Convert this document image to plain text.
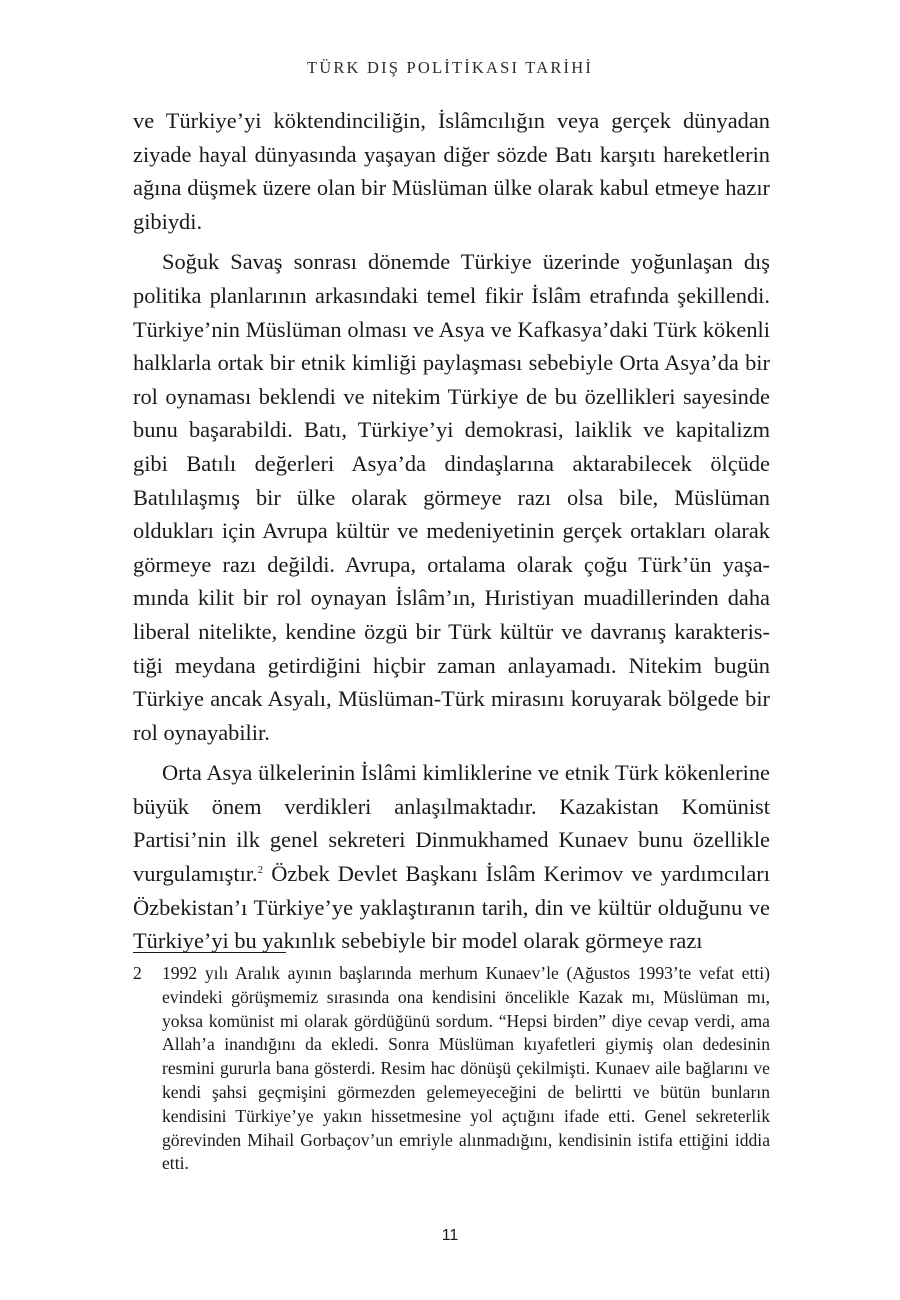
TÜRK DIŞ POLİTİKASI TARİHİ

ve Türkiye’yi köktendinciliğin, İslâmcılığın veya gerçek dünyadan ziyade hayal dünyasında yaşayan diğer sözde Batı karşıtı hareketlerin ağına düşmek üzere olan bir Müslüman ülke olarak kabul etmeye hazır gibiydi.

Soğuk Savaş sonrası dönemde Türkiye üzerinde yoğunlaşan dış politika planlarının arkasındaki temel fikir İslâm etrafında şekillendi. Türkiye’nin Müslüman olması ve Asya ve Kafkasya’daki Türk kökenli halklarla ortak bir etnik kimliği paylaşması sebebiyle Orta Asya’da bir rol oynaması beklendi ve nitekim Türkiye de bu özellikleri sayesinde bunu başarabildi. Batı, Türkiye’yi demokrasi, laiklik ve kapitalizm gibi Batılı değerleri Asya’da dindaşlarına aktarabilecek ölçüde Batılılaşmış bir ülke olarak görmeye razı olsa bile, Müslüman oldukları için Avrupa kültür ve medeniyetinin gerçek ortakları olarak görmeye razı değildi. Avrupa, ortalama olarak çoğu Türk’ün yaşamında kilit bir rol oynayan İslâm’ın, Hıristiyan muadillerinden daha liberal nitelikte, kendine özgü bir Türk kültür ve davranış karakteristiği meydana getirdiğini hiçbir zaman anlayamadı. Nitekim bugün Türkiye ancak Asyalı, Müslüman-Türk mirasını koruyarak bölgede bir rol oynayabilir.

Orta Asya ülkelerinin İslâmi kimliklerine ve etnik Türk kökenlerine büyük önem verdikleri anlaşılmaktadır. Kazakistan Komünist Partisi’nin ilk genel sekreteri Dinmukhamed Kunaev bunu özellikle vurgulamıştır.$^2$ Özbek Devlet Başkanı İslâm Kerimov ve yardımcıları Özbekistan’ı Türkiye’ye yaklaştıranın tarih, din ve kültür olduğunu ve Türkiye’yi bu yakınlık sebebiyle bir model olarak görmeye razı

2	1992 yılı Aralık ayının başlarında merhum Kunaev’le (Ağustos 1993’te vefat etti) evindeki görüşmemiz sırasında ona kendisini öncelikle Kazak mı, Müslüman mı, yoksa komünist mi olarak gördüğünü sordum. “Hepsi birden” diye cevap verdi, ama Allah’a inandığını da ekledi. Sonra Müslüman kıyafetleri giymiş olan dedesinin resmini gururla bana gösterdi. Resim hac dönüşü çekilmişti. Kunaev aile bağlarını ve kendi şahsi geçmişini görmezden gelemeyeceğini de belirtti ve bütün bunların kendisini Türkiye’ye yakın hissetmesine yol açtığını ifade etti. Genel sekreterlik görevinden Mihail Gorbaçov’un emriyle alınmadığını, kendisinin istifa ettiğini iddia etti.
11
